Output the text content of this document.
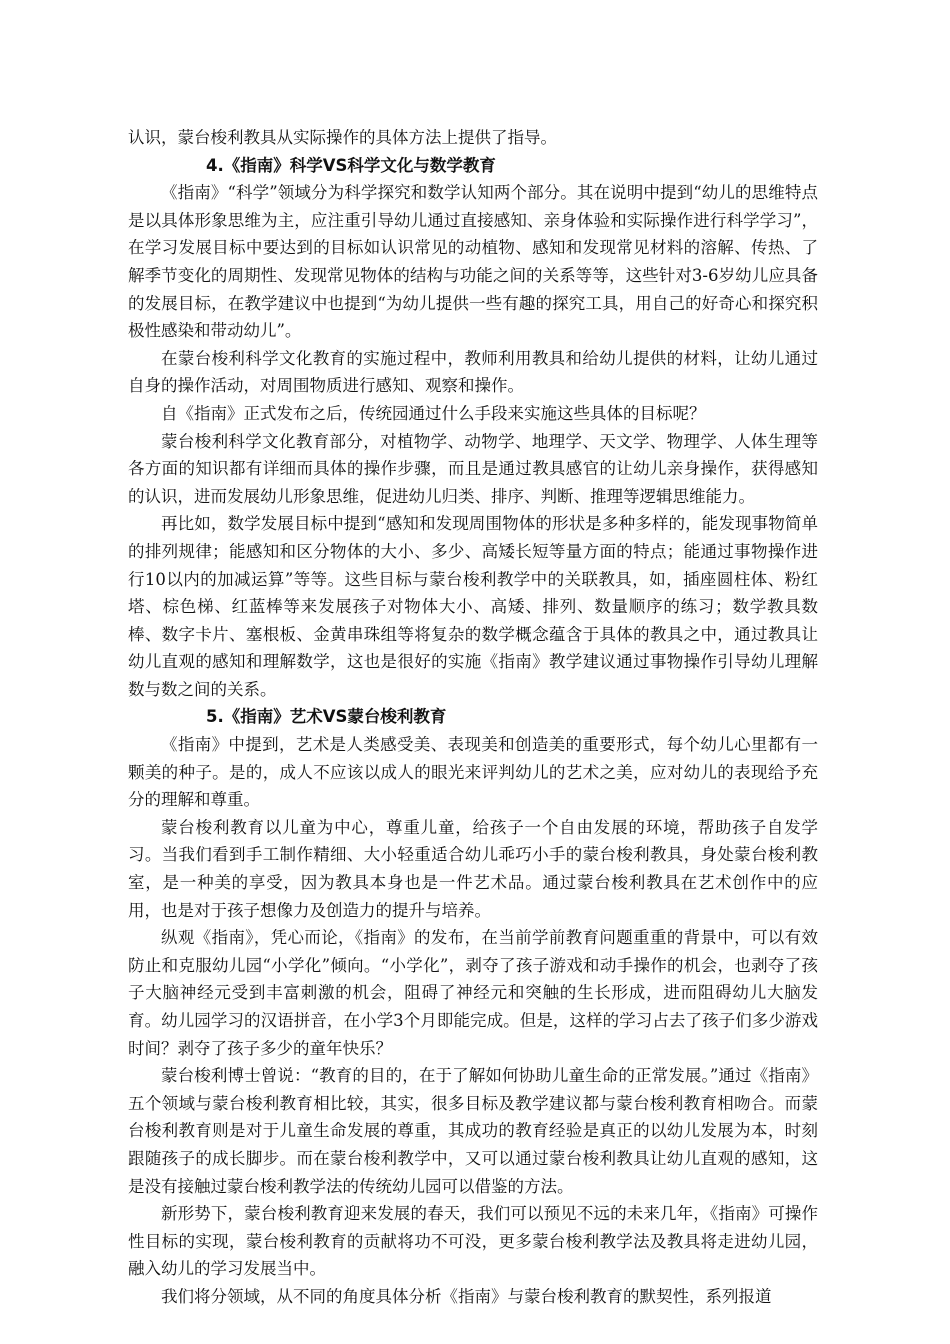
认识，蒙台梭利教具从实际操作的具体方法上提供了指导。

4.《指南》科学VS科学文化与数学教育

《指南》“科学”领域分为科学探究和数学认知两个部分。其在说明中提到“幼儿的思维特点是以具体形象思维为主，应注重引导幼儿通过直接感知、亲身体验和实际操作进行科学学习”，在学习发展目标中要达到的目标如认识常见的动植物、感知和发现常见材料的溶解、传热、了解季节变化的周期性、发现常见物体的结构与功能之间的关系等等，这些针对3-6岁幼儿应具备的发展目标，在教学建议中也提到“为幼儿提供一些有趣的探究工具，用自己的好奇心和探究积极性感染和带动幼儿”。

在蒙台梭利科学文化教育的实施过程中，教师利用教具和给幼儿提供的材料，让幼儿通过自身的操作活动，对周围物质进行感知、观察和操作。

自《指南》正式发布之后，传统园通过什么手段来实施这些具体的目标呢？

蒙台梭利科学文化教育部分，对植物学、动物学、地理学、天文学、物理学、人体生理等各方面的知识都有详细而具体的操作步骤，而且是通过教具感官的让幼儿亲身操作，获得感知的认识，进而发展幼儿形象思维，促进幼儿归类、排序、判断、推理等逻辑思维能力。

再比如，数学发展目标中提到“感知和发现周围物体的形状是多种多样的，能发现事物简单的排列规律；能感知和区分物体的大小、多少、高矮长短等量方面的特点；能通过事物操作进行10以内的加减运算”等等。这些目标与蒙台梭利教学中的关联教具，如，插座圆柱体、粉红塔、棕色梯、红蓝棒等来发展孩子对物体大小、高矮、排列、数量顺序的练习；数学教具数棒、数字卡片、塞根板、金黄串珠组等将复杂的数学概念蕴含于具体的教具之中，通过教具让幼儿直观的感知和理解数学，这也是很好的实施《指南》教学建议通过事物操作引导幼儿理解数与数之间的关系。

5.《指南》艺术VS蒙台梭利教育

《指南》中提到，艺术是人类感受美、表现美和创造美的重要形式，每个幼儿心里都有一颗美的种子。是的，成人不应该以成人的眼光来评判幼儿的艺术之美，应对幼儿的表现给予充分的理解和尊重。

蒙台梭利教育以儿童为中心，尊重儿童，给孩子一个自由发展的环境，帮助孩子自发学习。当我们看到手工制作精细、大小轻重适合幼儿乖巧小手的蒙台梭利教具，身处蒙台梭利教室，是一种美的享受，因为教具本身也是一件艺术品。通过蒙台梭利教具在艺术创作中的应用，也是对于孩子想像力及创造力的提升与培养。

纵观《指南》，凭心而论，《指南》的发布，在当前学前教育问题重重的背景中，可以有效防止和克服幼儿园“小学化”倾向。“小学化”，剥夺了孩子游戏和动手操作的机会，也剥夺了孩子大脑神经元受到丰富刺激的机会，阻碍了神经元和突触的生长形成，进而阻碍幼儿大脑发育。幼儿园学习的汉语拼音，在小学3个月即能完成。但是，这样的学习占去了孩子们多少游戏时间？剥夺了孩子多少的童年快乐？

蒙台梭利博士曾说：“教育的目的，在于了解如何协助儿童生命的正常发展。”通过《指南》五个领域与蒙台梭利教育相比较，其实，很多目标及教学建议都与蒙台梭利教育相吻合。而蒙台梭利教育则是对于儿童生命发展的尊重，其成功的教育经验是真正的以幼儿发展为本，时刻跟随孩子的成长脚步。而在蒙台梭利教学中，又可以通过蒙台梭利教具让幼儿直观的感知，这是没有接触过蒙台梭利教学法的传统幼儿园可以借鉴的方法。

新形势下，蒙台梭利教育迎来发展的春天，我们可以预见不远的未来几年，《指南》可操作性目标的实现，蒙台梭利教育的贡献将功不可没，更多蒙台梭利教学法及教具将走进幼儿园，融入幼儿的学习发展当中。

我们将分领域，从不同的角度具体分析《指南》与蒙台梭利教育的默契性，系列报道
